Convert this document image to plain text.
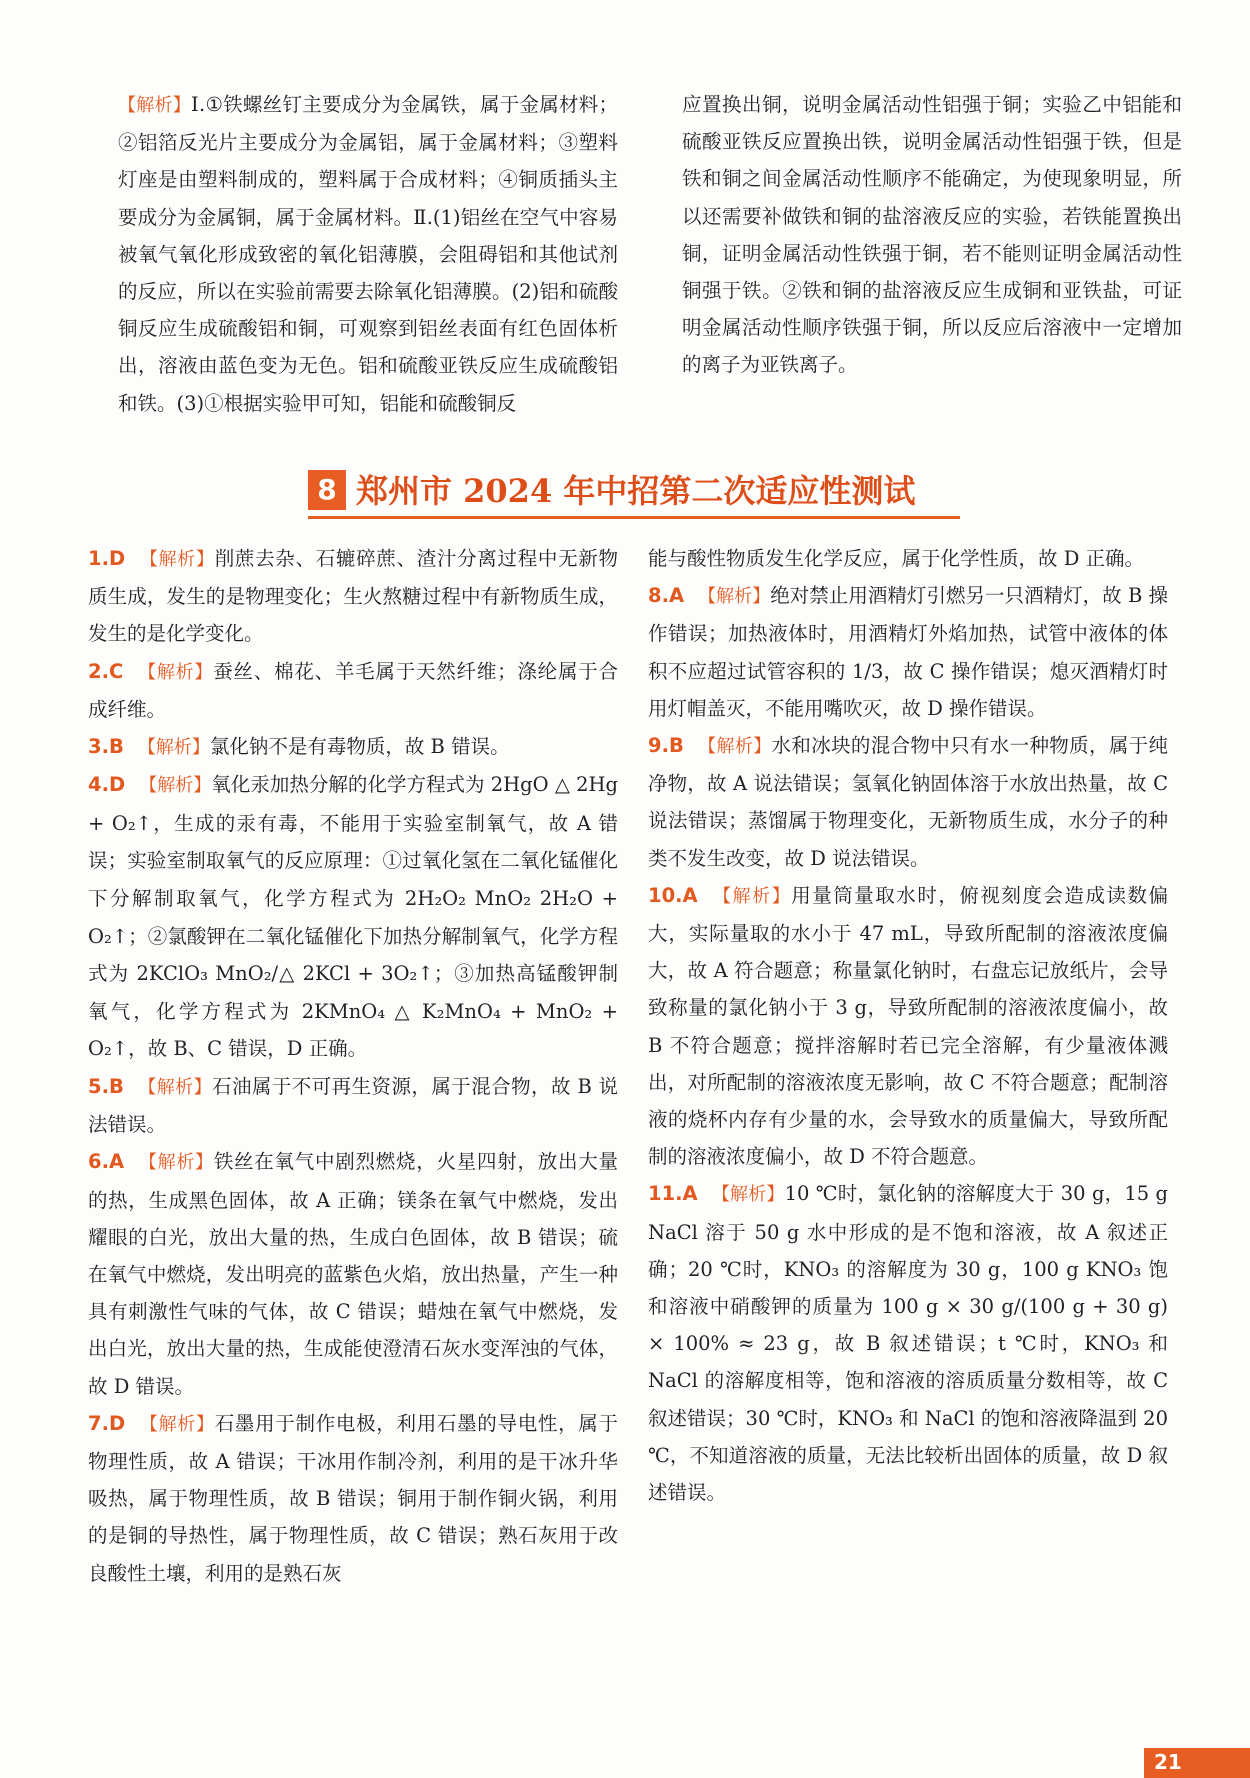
【解析】Ⅰ.①铁螺丝钉主要成分为金属铁，属于金属材料；②铝箔反光片主要成分为金属铝，属于金属材料；③塑料灯座是由塑料制成的，塑料属于合成材料；④铜质插头主要成分为金属铜，属于金属材料。Ⅱ.(1)铝丝在空气中容易被氧气氧化形成致密的氧化铝薄膜，会阻碍铝和其他试剂的反应，所以在实验前需要去除氧化铝薄膜。(2)铝和硫酸铜反应生成硫酸铝和铜，可观察到铝丝表面有红色固体析出，溶液由蓝色变为无色。铝和硫酸亚铁反应生成硫酸铝和铁。(3)①根据实验甲可知，铝能和硫酸铜反

应置换出铜，说明金属活动性铝强于铜；实验乙中铝能和硫酸亚铁反应置换出铁，说明金属活动性铝强于铁，但是铁和铜之间金属活动性顺序不能确定，为使现象明显，所以还需要补做铁和铜的盐溶液反应的实验，若铁能置换出铜，证明金属活动性铁强于铜，若不能则证明金属活动性铜强于铁。②铁和铜的盐溶液反应生成铜和亚铁盐，可证明金属活动性顺序铁强于铜，所以反应后溶液中一定增加的离子为亚铁离子。

8 郑州市 2024 年中招第二次适应性测试

1.D 【解析】削蔗去杂、石辘碎蔗、渣汁分离过程中无新物质生成，发生的是物理变化；生火熬糖过程中有新物质生成，发生的是化学变化。

2.C 【解析】蚕丝、棉花、羊毛属于天然纤维；涤纶属于合成纤维。

3.B 【解析】氯化钠不是有毒物质，故 B 错误。

4.D 【解析】氧化汞加热分解的化学方程式为 2HgO △ 2Hg + O₂↑，生成的汞有毒，不能用于实验室制氧气，故 A 错误；实验室制取氧气的反应原理：①过氧化氢在二氧化锰催化下分解制取氧气，化学方程式为 2H₂O₂ MnO₂ 2H₂O + O₂↑；②氯酸钾在二氧化锰催化下加热分解制氧气，化学方程式为 2KClO₃ MnO₂/△ 2KCl + 3O₂↑；③加热高锰酸钾制氧气，化学方程式为 2KMnO₄ △ K₂MnO₄ + MnO₂ + O₂↑，故 B、C 错误，D 正确。

5.B 【解析】石油属于不可再生资源，属于混合物，故 B 说法错误。

6.A 【解析】铁丝在氧气中剧烈燃烧，火星四射，放出大量的热，生成黑色固体，故 A 正确；镁条在氧气中燃烧，发出耀眼的白光，放出大量的热，生成白色固体，故 B 错误；硫在氧气中燃烧，发出明亮的蓝紫色火焰，放出热量，产生一种具有刺激性气味的气体，故 C 错误；蜡烛在氧气中燃烧，发出白光，放出大量的热，生成能使澄清石灰水变浑浊的气体，故 D 错误。

7.D 【解析】石墨用于制作电极，利用石墨的导电性，属于物理性质，故 A 错误；干冰用作制冷剂，利用的是干冰升华吸热，属于物理性质，故 B 错误；铜用于制作铜火锅，利用的是铜的导热性，属于物理性质，故 C 错误；熟石灰用于改良酸性土壤，利用的是熟石灰

能与酸性物质发生化学反应，属于化学性质，故 D 正确。

8.A 【解析】绝对禁止用酒精灯引燃另一只酒精灯，故 B 操作错误；加热液体时，用酒精灯外焰加热，试管中液体的体积不应超过试管容积的 1/3，故 C 操作错误；熄灭酒精灯时用灯帽盖灭，不能用嘴吹灭，故 D 操作错误。

9.B 【解析】水和冰块的混合物中只有水一种物质，属于纯净物，故 A 说法错误；氢氧化钠固体溶于水放出热量，故 C 说法错误；蒸馏属于物理变化，无新物质生成，水分子的种类不发生改变，故 D 说法错误。

10.A 【解析】用量筒量取水时，俯视刻度会造成读数偏大，实际量取的水小于 47 mL，导致所配制的溶液浓度偏大，故 A 符合题意；称量氯化钠时，右盘忘记放纸片，会导致称量的氯化钠小于 3 g，导致所配制的溶液浓度偏小，故 B 不符合题意；搅拌溶解时若已完全溶解，有少量液体溅出，对所配制的溶液浓度无影响，故 C 不符合题意；配制溶液的烧杯内存有少量的水，会导致水的质量偏大，导致所配制的溶液浓度偏小，故 D 不符合题意。

11.A 【解析】10 ℃时，氯化钠的溶解度大于 30 g，15 g NaCl 溶于 50 g 水中形成的是不饱和溶液，故 A 叙述正确；20 ℃时，KNO₃ 的溶解度为 30 g，100 g KNO₃ 饱和溶液中硝酸钾的质量为 100 g × 30 g/(100 g + 30 g) × 100% ≈ 23 g，故 B 叙述错误；t ℃时，KNO₃ 和 NaCl 的溶解度相等，饱和溶液的溶质质量分数相等，故 C 叙述错误；30 ℃时，KNO₃ 和 NaCl 的饱和溶液降温到 20 ℃，不知道溶液的质量，无法比较析出固体的质量，故 D 叙述错误。

21
